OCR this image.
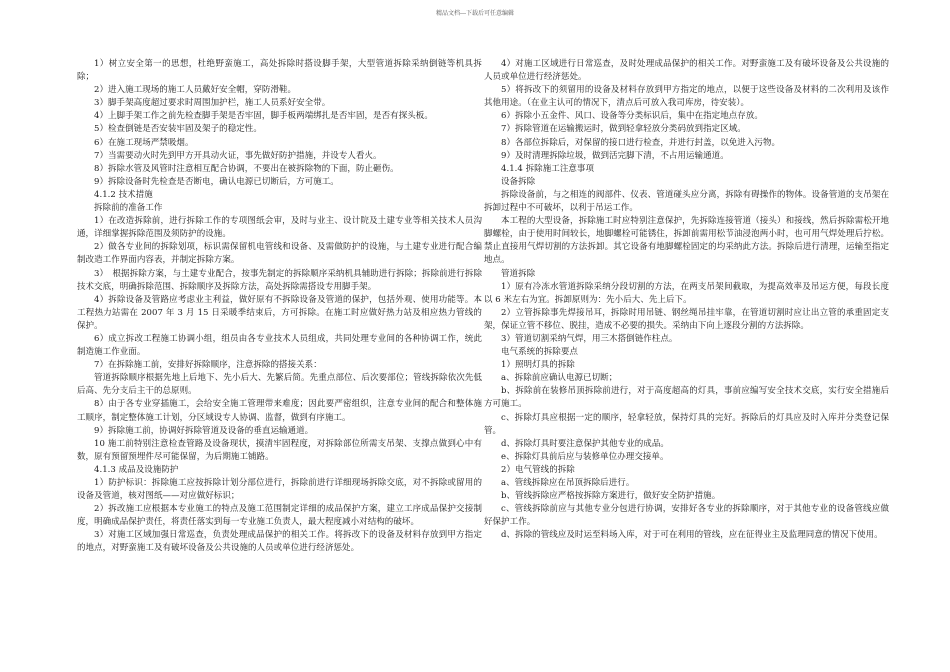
精品文档---下载后可任意编辑

1）树立安全第一的思想，杜绝野蛮施工，高处拆除时搭设脚手架，大型管道拆除采纳倒链等机具拆除；

2）进入施工现场的施工人员戴好安全帽，穿防滑鞋。

3）脚手架高度超过要求时周围加护栏，施工人员系好安全带。

4）上脚手架工作之前先检查脚手架是否牢固，脚手板两端绑扎是否牢固，是否有探头板。

5）检查倒链是否安装牢固及架子的稳定性。

6）在施工现场严禁吸烟。

7）当需要动火时先到甲方开具动火证，事先做好防护措施，并设专人看火。

8）拆除水管及风管时注意相互配合协调，不要出在被拆除物的下面，防止砸伤。

9）拆除设备时先检查是否断电，确认电源已切断后，方可施工。

4.1.2 技术措施

拆除前的准备工作

1）在改造拆除前，进行拆除工作的专项图纸会审，及时与业主、设计院及土建专业等相关技术人员沟通，详细掌握拆除范围及须防护的设施。

2）做各专业间的拆除划项，标识需保留机电管线和设备、及需做防护的设施，与土建专业进行配合编制改造工作界面内容表，并制定拆除方案。

3）　根据拆除方案，与土建专业配合，按事先制定的拆除顺序采纳机具辅助进行拆除；拆除前进行拆除技术交底，明确拆除范围、拆除顺序及拆除方法，高处拆除需搭设专用脚手架。

4）拆除设备及管路应考虑业主利益，做好原有不拆除设备及管道的保护，包括外观、使用功能等。本工程热力站需在 2007 年 3 月 15 日采暖季结束后，方可拆除。在施工时应做好热力站及相应热力管线的保护。

6）成立拆改工程施工协调小组，组员由各专业技术人员组成，共同处理专业间的各种协调工作，统此制造施工作业面。

7）在拆除施工前，安排好拆除顺序，注意拆除的搭接关系：

管道拆除顺序根据先地上后地下、先小后大、先繁后简。先重点部位、后次要部位；管线拆除依次先低后高、先分支后主干的总原则。

8）由于各专业穿插施工，会给安全施工管理带来难度；因此要严密组织，注意专业间的配合和整体施工顺序，制定整体施工计划，分区域设专人协调、监督，做到有序施工。

9）拆除施工前，协调好拆除管道及设备的垂直运输通道。

10 施工前特别注意检查管路及设备现状，摸清牢固程度，对拆除部位所需支吊架、支撑点做到心中有数，原有预留预埋件尽可能保留，为后期施工铺路。

4.1.3 成品及设施防护

1）防护标识：拆除施工应按拆除计划分部位进行，拆除前进行详细现场拆除交底，对不拆除或留用的设备及管道，核对图纸——对应做好标识；

2）拆改施工应根据本专业施工的特点及施工范围制定详细的成品保护方案，建立工序成品保护交接制度，明确成品保护责任，将责任落实到每一专业施工负责人，最大程度减小对结构的破坏。

3）对施工区域加强日常巡查，负责处理成品保护的相关工作。将拆改下的设备及材料存放到甲方指定的地点，对野蛮施工及有破坏设备及公共设施的人员或单位进行经济惩处。

4）对施工区域进行日常巡查，及时处理成品保护的相关工作。对野蛮施工及有破坏设备及公共设施的人员或单位进行经济惩处。

5）将拆改下的须留用的设备及材料存放到甲方指定的地点，以便于这些设备及材料的二次利用及该作其他用途。（在业主认可的情况下，清点后可放入我司库房，待安装）。

6）拆除小五金件、风口、设备等分类标识后，集中在指定地点存放。

7）拆除管道在运输搬运时，做到轻拿轻放分类码放到指定区域。

8）各部位拆除后，对保留的接口进行检查，并进行封盖，以免进入污物。

9）及时清理拆除垃圾，做到活完脚下清，不占用运输通道。

4.1.4 拆除施工注意事项

设备拆除

拆除设备前，与之相连的阀部件、仪表、管道碰头应分离，拆除有碍操作的物体。设备管道的支吊架在拆卸过程中不可破坏，以利于吊运工作。

本工程的大型设备，拆除施工时应特别注意保护，先拆除连接管道（接头）和接线，然后拆除需松开地脚螺栓，由于使用时间较长，地脚螺栓可能锈住，拆卸前需用松节油浸泡两小时，也可用气焊处理后拧松。禁止直接用气焊切割的方法拆卸。其它设备有地脚螺栓固定的均采纳此方法。拆除后进行清理，运输至指定地点。

管道拆除

1）原有冷冻水管道拆除采纳分段切割的方法，在两支吊架间截取，为提高效率及吊运方便，每段长度以 6 米左右为宜。拆卸原则为：先小后大、先上后下。

2）立管拆除事先焊接吊耳，拆除时用吊链、钢丝绳吊挂牢靠，在管道切割时应让出立管的承重固定支架，保证立管不移位、脱挂，造成不必要的损失。采纳由下向上逐段分割的方法拆除。

3）管道切割采纳气焊，用三木搭倒链作柱点。

电气系统的拆除要点

1）照明灯具的拆除

a、拆除前应确认电源已切断；

b、拆除前在装修吊顶拆除前进行，对于高度超高的灯具，事前应编写安全技术交底，实行安全措施后方可施工。

c、拆除灯具应根据一定的顺序，轻拿轻放，保持灯具的完好。拆除后的灯具应及时入库并分类登记保管。

d、拆除灯具时要注意保护其他专业的成品。

e、拆除灯具前后应与装修单位办理交接单。

2）电气管线的拆除

a、管线拆除应在吊顶拆除后进行。

b、管线拆除应严格按拆除方案进行，做好安全防护措施。

c、管线拆除前应与其他专业分包进行协调，安排好各专业的拆除顺序，对于其他专业的设备管线应做好保护工作。

d、拆除的管线应及时运至料场入库，对于可在利用的管线，应在征得业主及监理同意的情况下使用。
